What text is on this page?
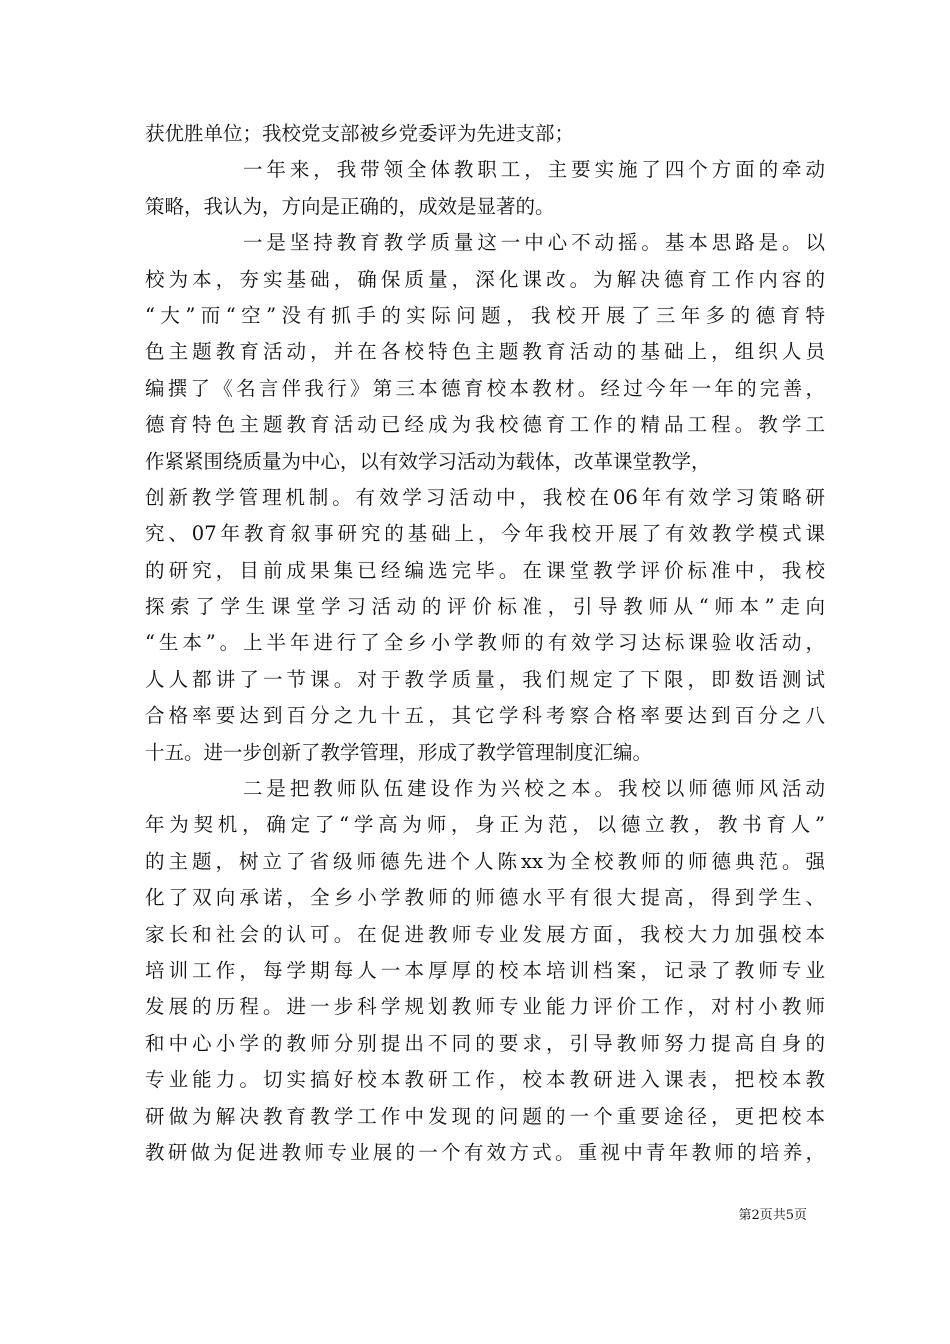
获优胜单位；我校党支部被乡党委评为先进支部；
一年来，我带领全体教职工，主要实施了四个方面的牵动
策略，我认为，方向是正确的，成效是显著的。
一是坚持教育教学质量这一中心不动摇。基本思路是。以
校为本，夯实基础，确保质量，深化课改。为解决德育工作内容的
“大”而“空”没有抓手的实际问题，我校开展了三年多的德育特
色主题教育活动，并在各校特色主题教育活动的基础上，组织人员
编撰了《名言伴我行》第三本德育校本教材。经过今年一年的完善，
德育特色主题教育活动已经成为我校德育工作的精品工程。教学工
作紧紧围绕质量为中心，以有效学习活动为载体，改革课堂教学，
创新教学管理机制。有效学习活动中，我校在06年有效学习策略研
究、07年教育叙事研究的基础上，今年我校开展了有效教学模式课
的研究，目前成果集已经编选完毕。在课堂教学评价标准中，我校
探索了学生课堂学习活动的评价标准，引导教师从“师本”走向
“生本”。上半年进行了全乡小学教师的有效学习达标课验收活动，
人人都讲了一节课。对于教学质量，我们规定了下限，即数语测试
合格率要达到百分之九十五，其它学科考察合格率要达到百分之八
十五。进一步创新了教学管理，形成了教学管理制度汇编。
二是把教师队伍建设作为兴校之本。我校以师德师风活动
年为契机，确定了“学高为师，身正为范，以德立教，教书育人”
的主题，树立了省级师德先进个人陈xx为全校教师的师德典范。强
化了双向承诺，全乡小学教师的师德水平有很大提高，得到学生、
家长和社会的认可。在促进教师专业发展方面，我校大力加强校本
培训工作，每学期每人一本厚厚的校本培训档案，记录了教师专业
发展的历程。进一步科学规划教师专业能力评价工作，对村小教师
和中心小学的教师分别提出不同的要求，引导教师努力提高自身的
专业能力。切实搞好校本教研工作，校本教研进入课表，把校本教
研做为解决教育教学工作中发现的问题的一个重要途径，更把校本
教研做为促进教师专业展的一个有效方式。重视中青年教师的培养，
第2页共5页
